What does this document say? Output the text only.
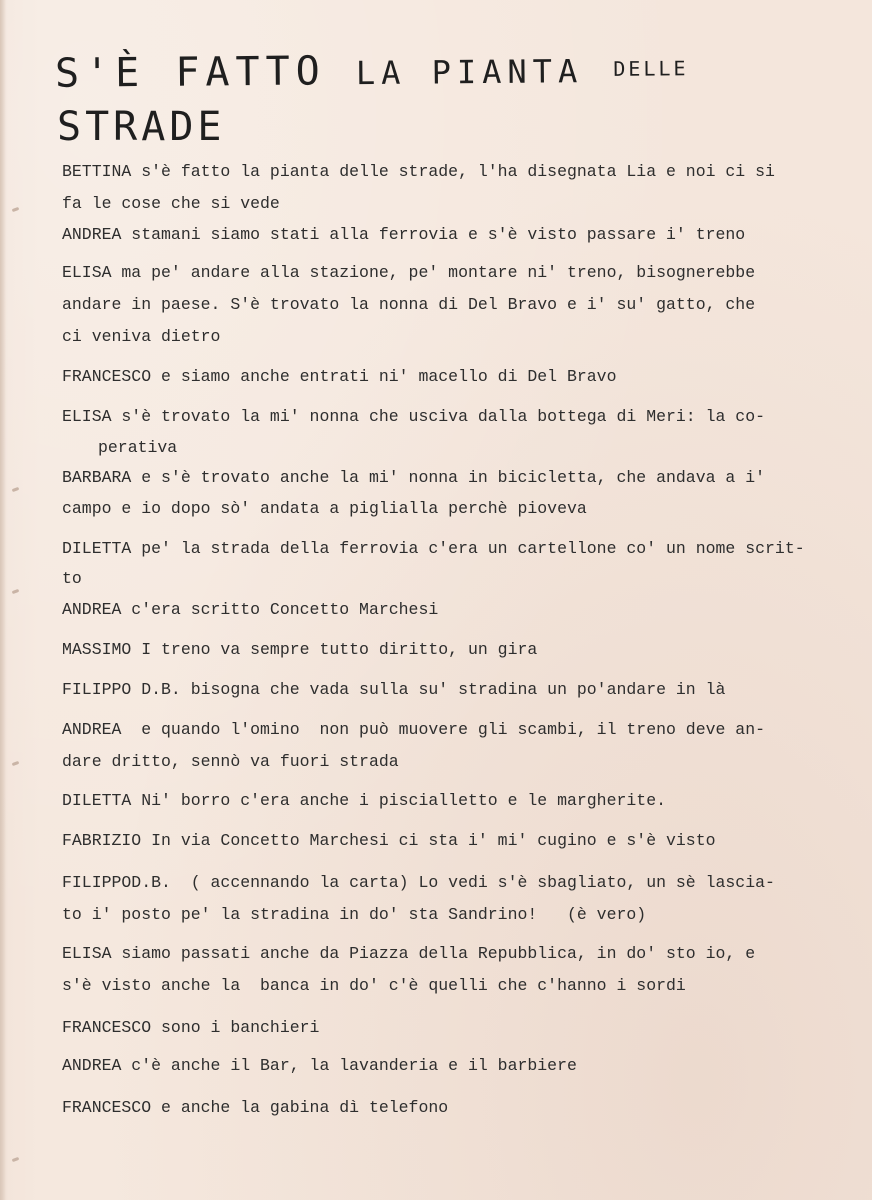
S'È FATTO LA PIANTA DELLE
STRADE
BETTINA s'è fatto la pianta delle strade, l'ha disegnata Lia e noi ci si
fa le cose che si vede
ANDREA stamani siamo stati alla ferrovia e s'è visto passare i' treno
ELISA ma pe' andare alla stazione, pe' montare ni' treno, bisognerebbe
andare in paese. S'è trovato la nonna di Del Bravo e i' su' gatto, che
ci veniva dietro
FRANCESCO e siamo anche entrati ni' macello di Del Bravo
ELISA s'è trovato la mi' nonna che usciva dalla bottega di Meri: la co-
perativa
BARBARA e s'è trovato anche la mi' nonna in bicicletta, che andava a i'
campo e io dopo sò' andata a piglialla perchè pioveva
DILETTA pe' la strada della ferrovia c'era un cartellone co' un nome scrit-
to
ANDREA c'era scritto Concetto Marchesi
MASSIMO I treno va sempre tutto diritto, un gira
FILIPPO D.B. bisogna che vada sulla su' stradina un po'andare in là
ANDREA  e quando l'omino  non può muovere gli scambi, il treno deve an-
dare dritto, sennò va fuori strada
DILETTA Ni' borro c'era anche i piscialletto e le margherite.
FABRIZIO In via Concetto Marchesi ci sta i' mi' cugino e s'è visto
FILIPPOD.B.  ( accennando la carta) Lo vedi s'è sbagliato, un sè lascia-
to i' posto pe' la stradina in do' sta Sandrino!   (è vero)
ELISA siamo passati anche da Piazza della Repubblica, in do' sto io, e
s'è visto anche la  banca in do' c'è quelli che c'hanno i sordi
FRANCESCO sono i banchieri
ANDREA c'è anche il Bar, la lavanderia e il barbiere
FRANCESCO e anche la gabina dì telefono
